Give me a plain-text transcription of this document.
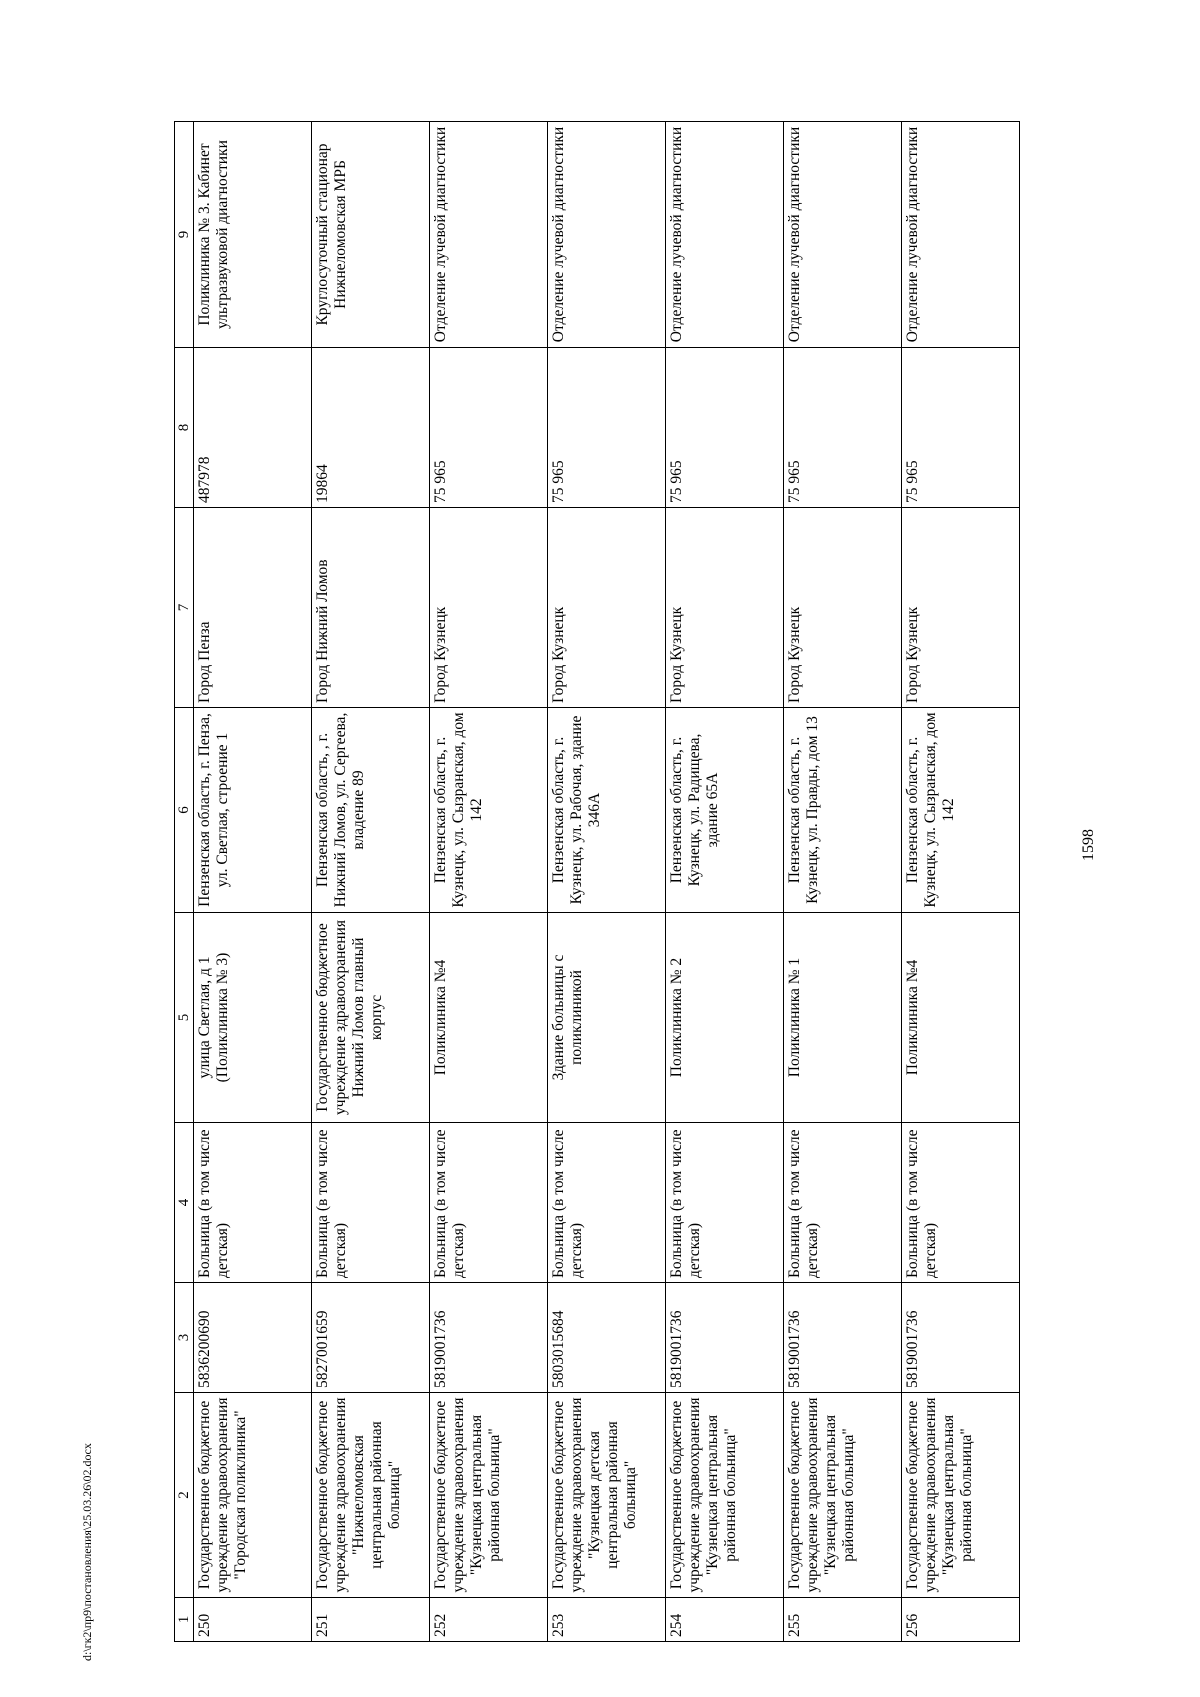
1598
d:\гк2\пр9\постановления\25.03.26\02.docx	1	2	3	4	5	6	7	8	9
250	Государственное бюджетное учреждение здравоохранения "Городская поликлиника"	5836200690	Больница (в том числе детская)	улица Светлая, д 1 (Поликлиника № 3)	Пензенская область, г. Пенза, ул. Светлая, строение 1	Город Пенза	487978	Поликлиника № 3. Кабинет ультразвуковой диагностики
251	Государственное бюджетное учреждение здравоохранения "Нижнеломовская центральная районная больница"	5827001659	Больница (в том числе детская)	Государственное бюджетное учреждение здравоохранения Нижний Ломов главный корпус	Пензенская область, , г. Нижний Ломов, ул. Сергеева, владение 89	Город Нижний Ломов	19864	Круглосуточный стационар Нижнеломовская МРБ
252	Государственное бюджетное учреждение здравоохранения "Кузнецкая центральная районная больница"	5819001736	Больница (в том числе детская)	Поликлиника №4	Пензенская область, г. Кузнецк, ул. Сызранская, дом 142	Город Кузнецк	75 965	Отделение лучевой диагностики
253	Государственное бюджетное учреждение здравоохранения "Кузнецкая детская центральная районная больница"	5803015684	Больница (в том числе детская)	Здание больницы с поликлиникой	Пензенская область, г. Кузнецк, ул. Рабочая, здание 346А	Город Кузнецк	75 965	Отделение лучевой диагностики
254	Государственное бюджетное учреждение здравоохранения "Кузнецкая центральная районная больница"	5819001736	Больница (в том числе детская)	Поликлиника № 2	Пензенская область, г. Кузнецк, ул. Радищева, здание 65А	Город Кузнецк	75 965	Отделение лучевой диагностики
255	Государственное бюджетное учреждение здравоохранения "Кузнецкая центральная районная больница"	5819001736	Больница (в том числе детская)	Поликлиника № 1	Пензенская область, г. Кузнецк, ул. Правды, дом 13	Город Кузнецк	75 965	Отделение лучевой диагностики
256	Государственное бюджетное учреждение здравоохранения "Кузнецкая центральная районная больница"	5819001736	Больница (в том числе детская)	Поликлиника №4	Пензенская область, г. Кузнецк, ул. Сызранская, дом 142	Город Кузнецк	75 965	Отделение лучевой диагностики
